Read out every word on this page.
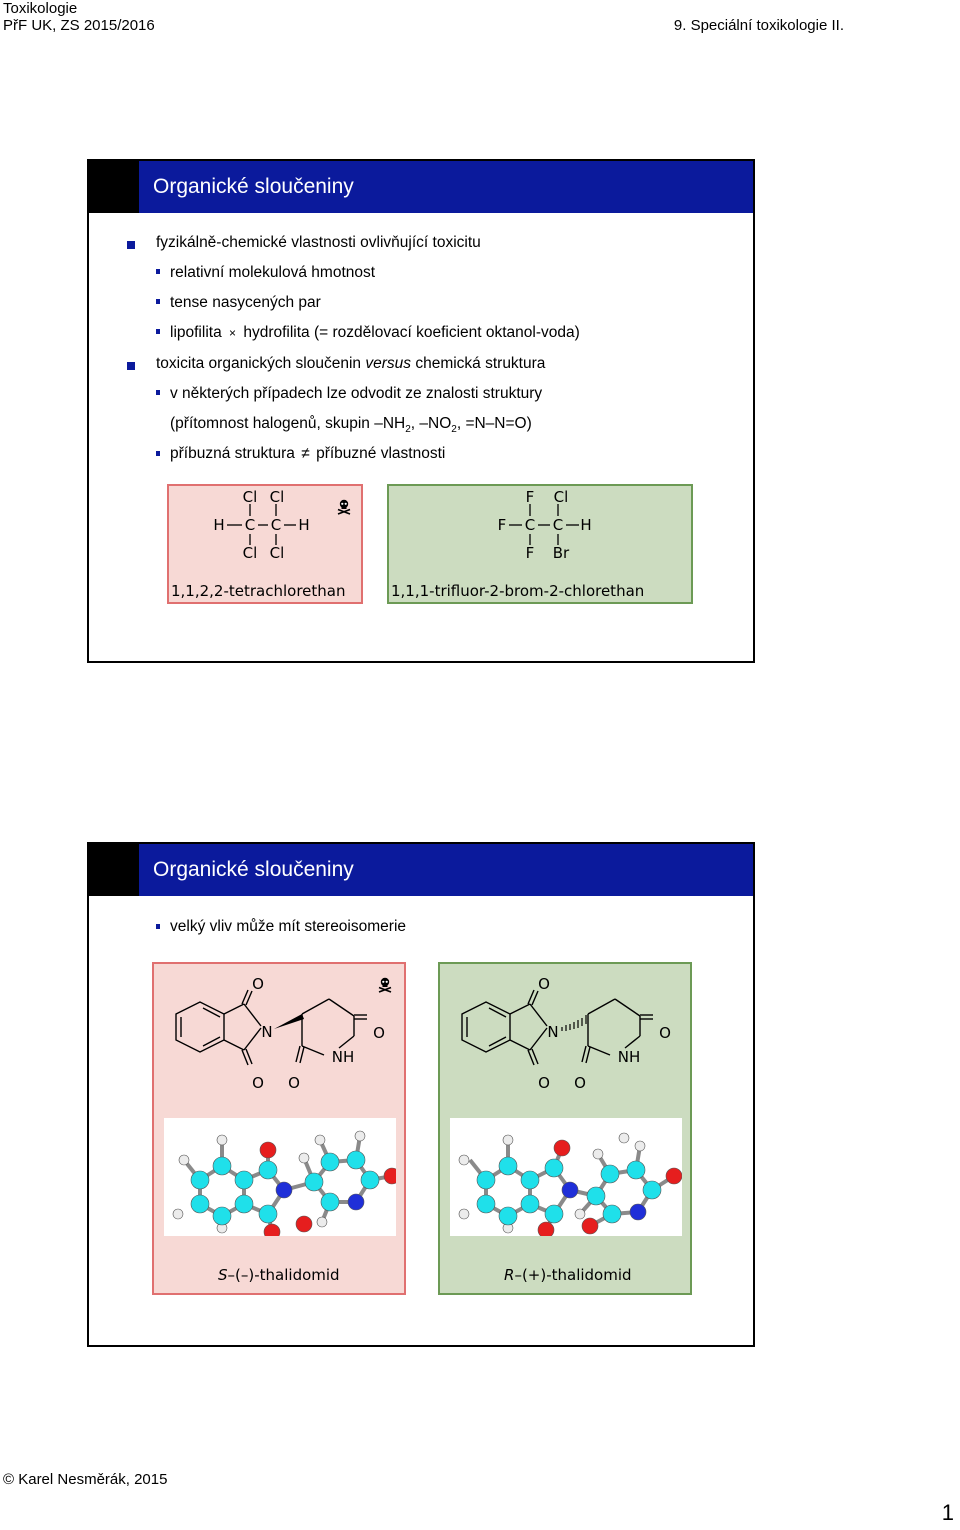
Toxikologie
PřF UK, ZS 2015/2016	9. Speciální toxikologie II.
Organické sloučeniny
fyzikálně-chemické vlastnosti ovlivňující toxicitu
relativní molekulová hmotnost
tense nasycených par
lipofilita × hydrofilita (= rozdělovací koeficient oktanol-voda)
toxicita organických sloučenin versus chemická struktura
v některých případech lze odvodit ze znalosti struktury
(přítomnost halogenů, skupin $-NH_2$, $-NO_2$, =N–N=O)
příbuzná struktura ≠ příbuzné vlastnosti
Cl Cl
H C C H
Cl Cl
1,1,2,2-tetrachlorethan
F Cl
F C C H
F Br
1,1,1-trifluor-2-brom-2-chlorethan
Organické sloučeniny
velký vliv může mít stereoisomerie
O
N	O
NH
O O
S–(–)-thalidomid
O
N	O
NH
O O
R–(+)-thalidomid
© Karel Nesměrák, 2015
1
